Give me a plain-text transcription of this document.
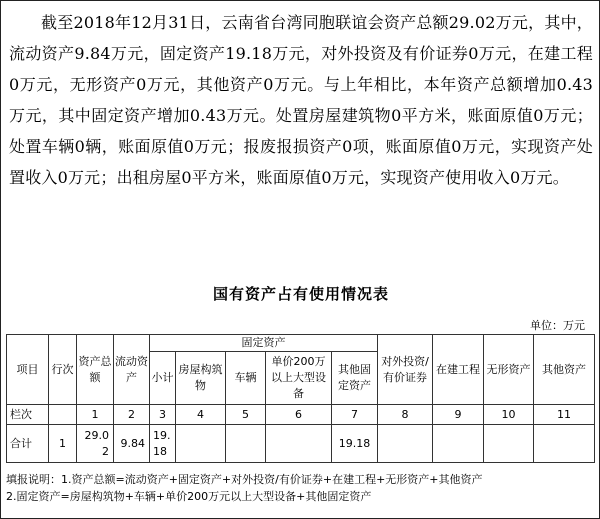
截至2018年12月31日，云南省台湾同胞联谊会资产总额29.02万元，其中，流动资产9.84万元，固定资产19.18万元，对外投资及有价证券0万元，在建工程0万元，无形资产0万元，其他资产0万元。与上年相比，本年资产总额增加0.43万元，其中固定资产增加0.43万元。处置房屋建筑物0平方米，账面原值0万元；处置车辆0辆，账面原值0万元；报废报损资产0项，账面原值0万元，实现资产处置收入0万元；出租房屋0平方米，账面原值0万元，实现资产使用收入0万元。

国有资产占有使用情况表
单位：万元
项目	行次	资产总额	流动资产	固定资产					对外投资/有价证券	在建工程	无形资产	其他资产
				小计	房屋构筑物	车辆	单价200万以上大型设备	其他固定资产				
栏次		1	2	3	4	5	6	7	8	9	10	11
合计	1	29.02	9.84	19.18				19.18				
填报说明：1.资产总额=流动资产+固定资产+对外投资/有价证券+在建工程+无形资产+其他资产
2.固定资产=房屋构筑物+车辆+单价200万元以上大型设备+其他固定资产
